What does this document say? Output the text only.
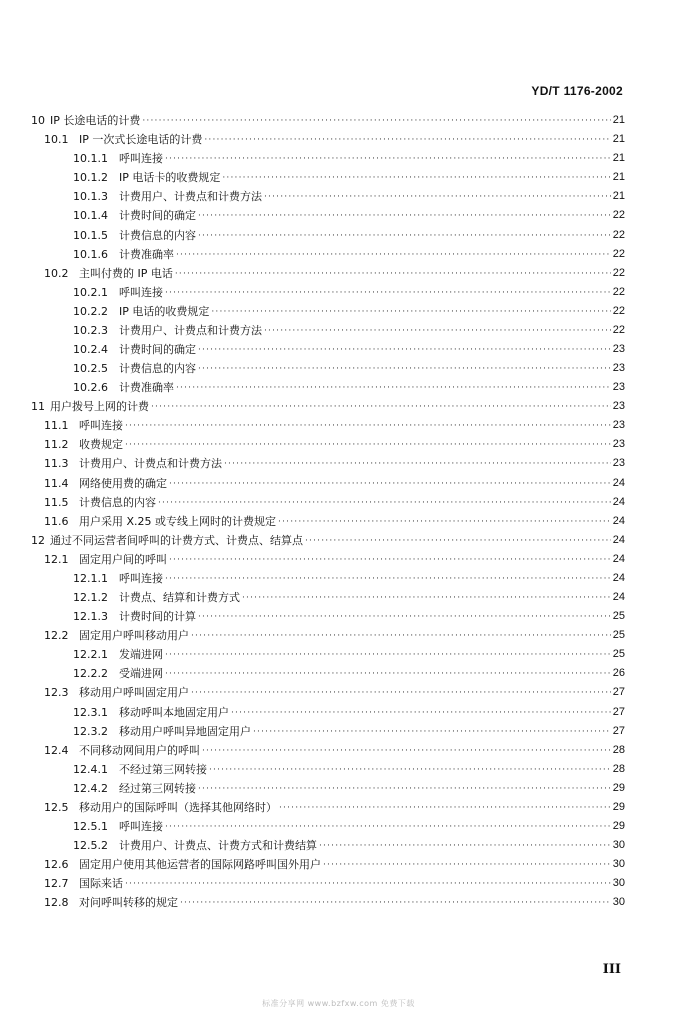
YD/T 1176-2002
10 IP 长途电话的计费 ·····	21
10.1 IP 一次式长途电话的计费 ·····	21
10.1.1 呼叫连接 ·····	21
10.1.2 IP 电话卡的收费规定 ·····	21
10.1.3 计费用户、计费点和计费方法 ·····	21
10.1.4 计费时间的确定 ·····	22
10.1.5 计费信息的内容 ·····	22
10.1.6 计费准确率 ·····	22
10.2 主叫付费的 IP 电话 ·····	22
10.2.1 呼叫连接 ·····	22
10.2.2 IP 电话的收费规定 ·····	22
10.2.3 计费用户、计费点和计费方法 ·····	22
10.2.4 计费时间的确定 ·····	23
10.2.5 计费信息的内容 ·····	23
10.2.6 计费准确率 ·····	23
11 用户拨号上网的计费 ·····	23
11.1 呼叫连接 ·····	23
11.2 收费规定 ·····	23
11.3 计费用户、计费点和计费方法 ·····	23
11.4 网络使用费的确定 ·····	24
11.5 计费信息的内容 ·····	24
11.6 用户采用 X.25 或专线上网时的计费规定 ·····	24
12 通过不同运营者间呼叫的计费方式、计费点、结算点 ·····	24
12.1 固定用户间的呼叫 ·····	24
12.1.1 呼叫连接 ·····	24
12.1.2 计费点、结算和计费方式 ·····	24
12.1.3 计费时间的计算 ·····	25
12.2 固定用户呼叫移动用户 ·····	25
12.2.1 发端进网 ·····	25
12.2.2 受端进网 ·····	26
12.3 移动用户呼叫固定用户 ·····	27
12.3.1 移动呼叫本地固定用户 ·····	27
12.3.2 移动用户呼叫异地固定用户 ·····	27
12.4 不同移动网间用户的呼叫 ·····	28
12.4.1 不经过第三网转接 ·····	28
12.4.2 经过第三网转接 ·····	29
12.5 移动用户的国际呼叫（选择其他网络时） ·····	29
12.5.1 呼叫连接 ·····	29
12.5.2 计费用户、计费点、计费方式和计费结算 ·····	30
12.6 固定用户使用其他运营者的国际网路呼叫国外用户 ·····	30
12.7 国际来话 ·····	30
12.8 对问呼叫转移的规定 ·····	30
III
标准分享网 www.bzfxw.com 免费下载
